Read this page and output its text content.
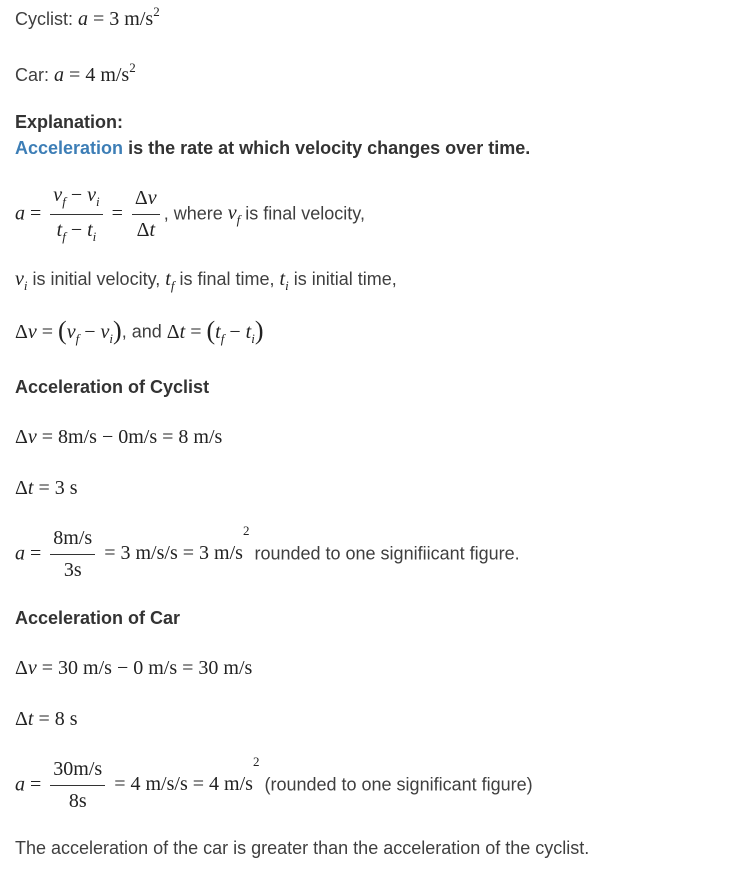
Cyclist: a = 3 $m/s^2$
Car: a = 4 $m/s^2$
Explanation:
Acceleration is the rate at which velocity changes over time.
$a = \frac{v_f - v_i}{t_f - t_i} = \frac{\Delta v}{\Delta t}$ , where $v_f$ is final velocity,
$v_i$ is initial velocity, $t_f$ is final time, $t_i$ is initial time,
$\Delta v = (v_f - v_i)$, and $\Delta t = (t_f - t_i)$
Acceleration of Cyclist
Δv = 8m/s − 0m/s = 8 m/s
Δt = 3 s
$a = \frac{8m/s}{3s} = 3$ m/s/s = 3 $m/s^2$ rounded to one signifiicant figure.
Acceleration of Car
Δv = 30 m/s − 0 m/s = 30 m/s
Δt = 8 s
$a = \frac{30m/s}{8s} = 4$ m/s/s = 4 $m/s^2$ (rounded to one significant figure)
The acceleration of the car is greater than the acceleration of the cyclist.
